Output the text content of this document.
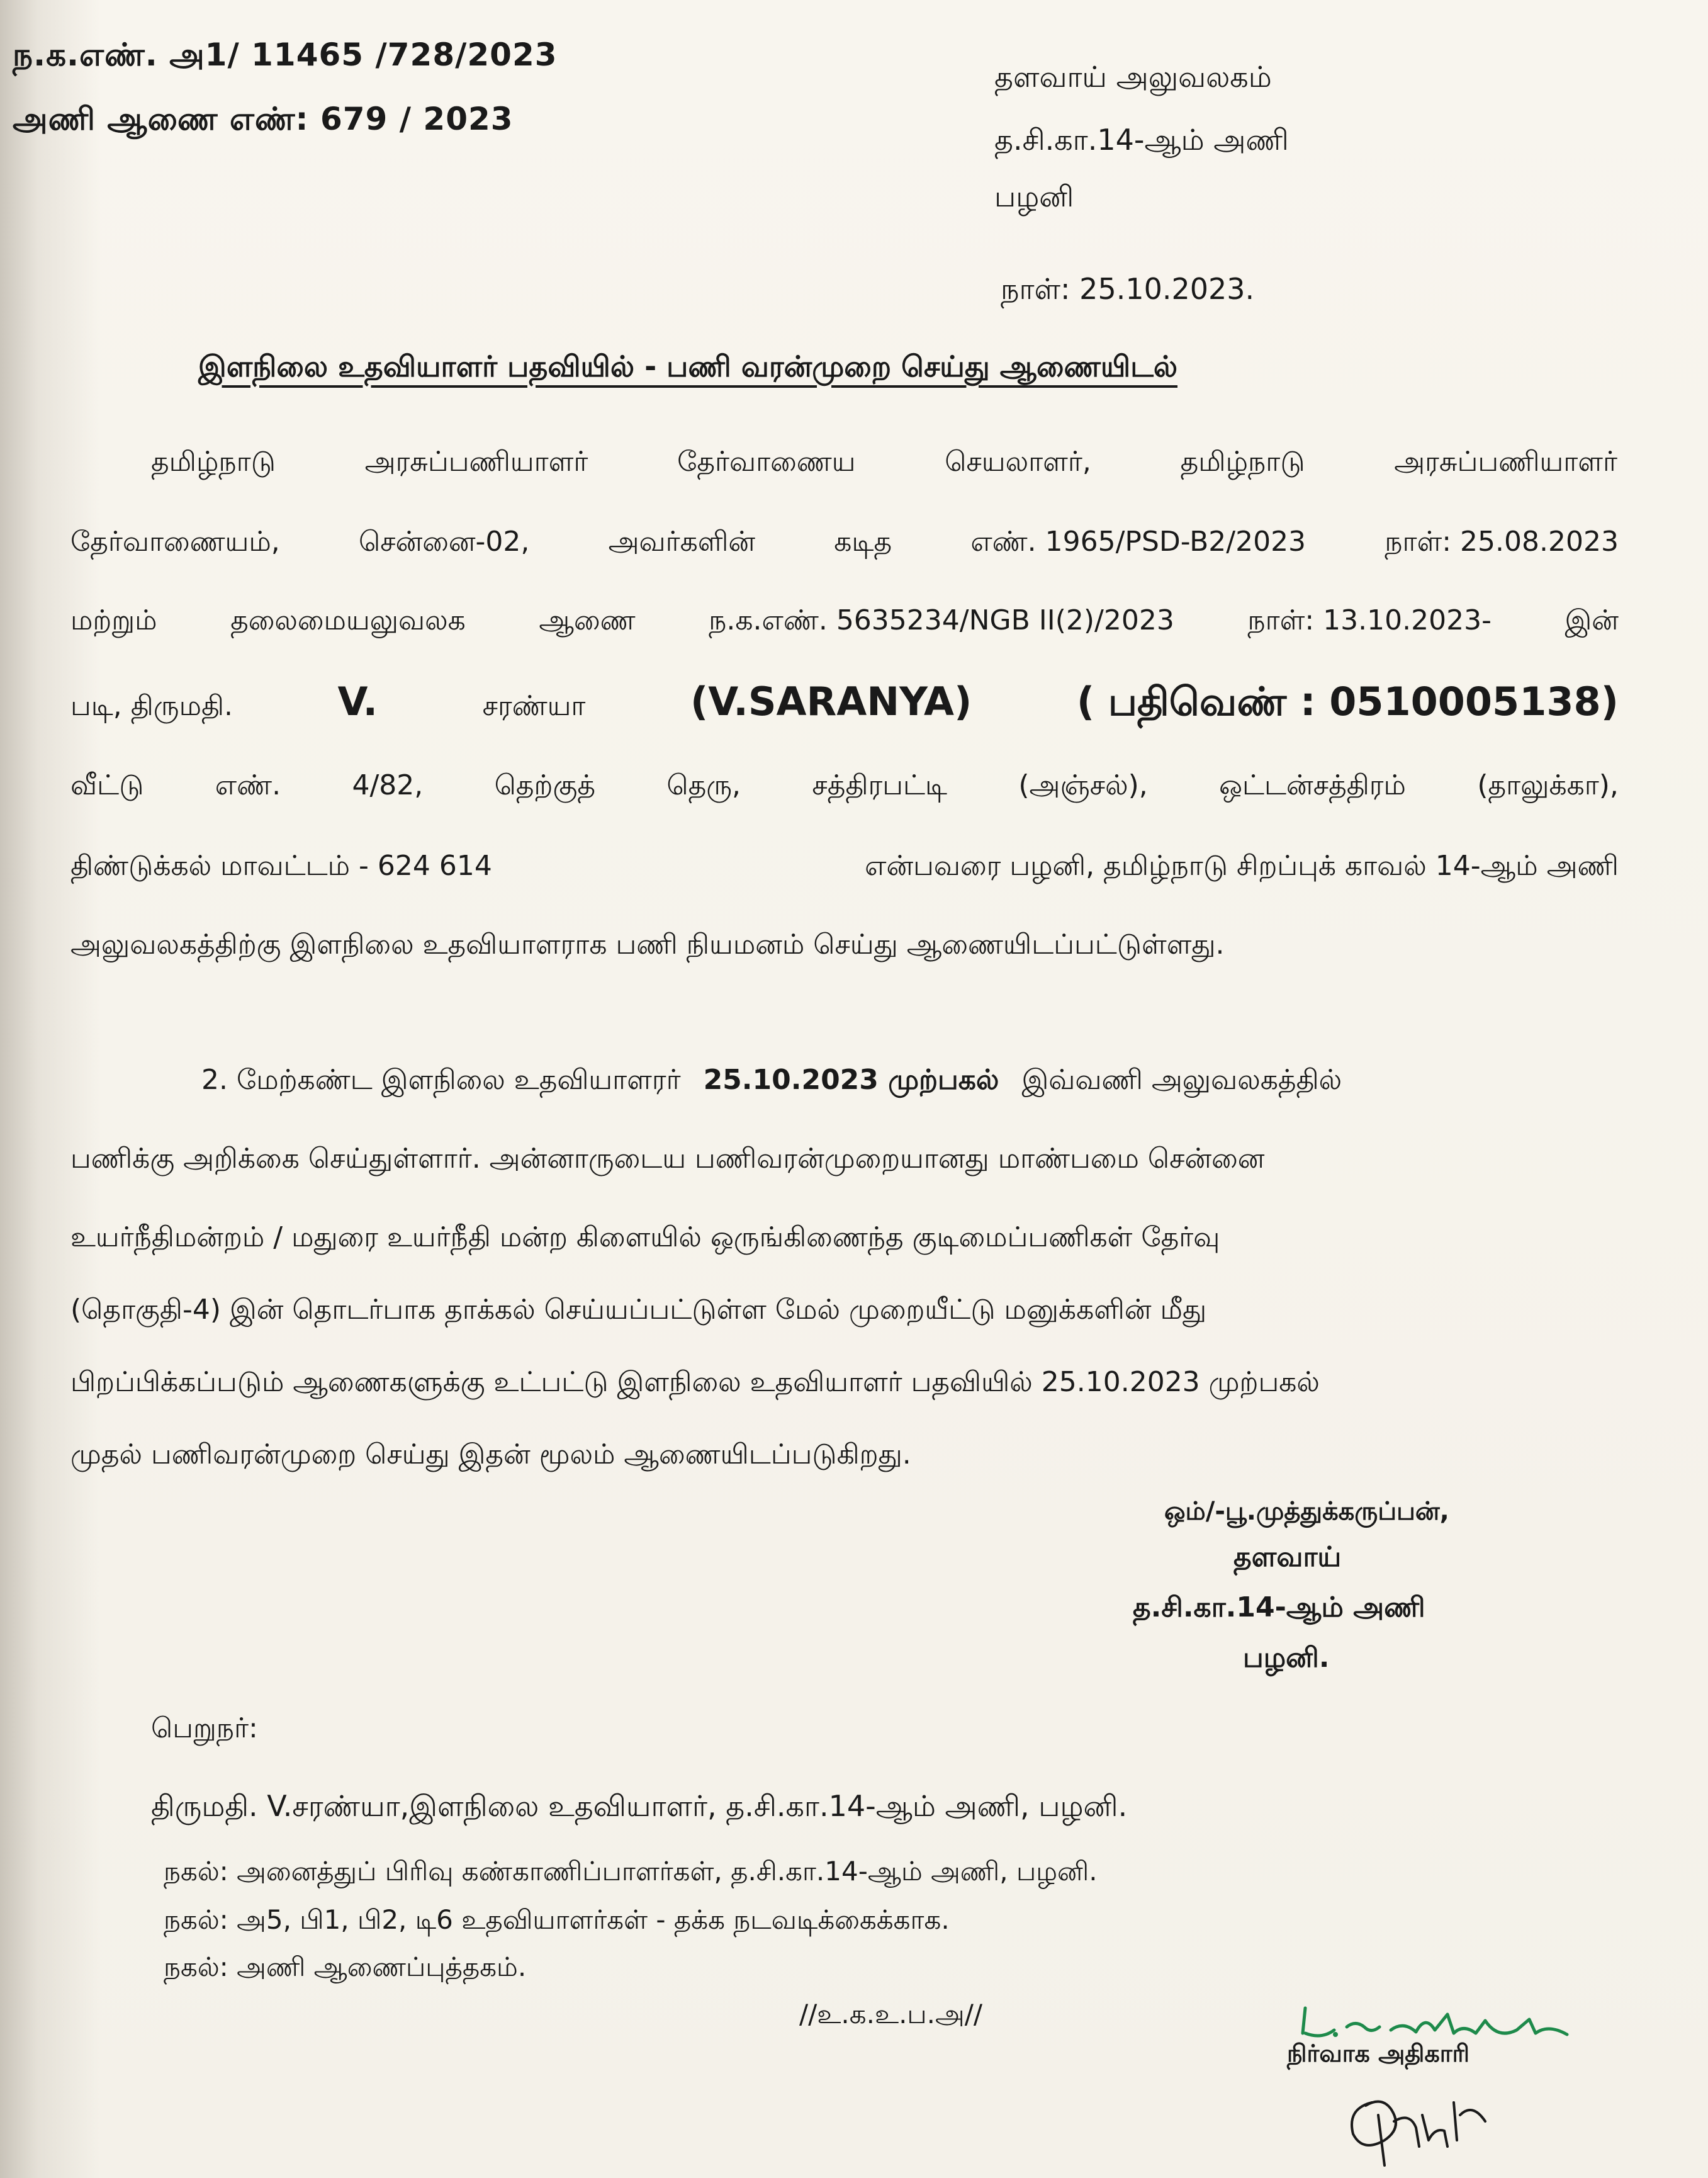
ந.க.எண். அ1/ 11465 /728/2023
அணி ஆணை எண்: 679 / 2023
தளவாய் அலுவலகம்
த.சி.கா.14-ஆம் அணி
பழனி
நாள்: 25.10.2023.
இளநிலை உதவியாளர் பதவியில் - பணி வரன்முறை செய்து ஆணையிடல்
தமிழ்நாடு	அரசுப்பணியாளர்	தேர்வாணைய	செயலாளர்,	தமிழ்நாடு	அரசுப்பணியாளர்
தேர்வாணையம்,	சென்னை-02,	அவர்களின்	கடித	எண். 1965/PSD-B2/2023	நாள்: 25.08.2023
மற்றும்	தலைமையலுவலக	ஆணை	ந.க.எண். 5635234/NGB II(2)/2023	நாள்: 13.10.2023-	இன்
படி, திருமதி.	V.	சரண்யா	(V.SARANYA)	( பதிவெண் : 0510005138)
வீட்டு	எண்.	4/82,	தெற்குத்	தெரு,	சத்திரபட்டி	(அஞ்சல்),	ஒட்டன்சத்திரம்	(தாலுக்கா),
திண்டுக்கல் மாவட்டம் - 624 614	என்பவரை பழனி, தமிழ்நாடு சிறப்புக் காவல் 14-ஆம் அணி
அலுவலகத்திற்கு இளநிலை உதவியாளராக பணி நியமனம் செய்து ஆணையிடப்பட்டுள்ளது.
2. மேற்கண்ட இளநிலை உதவியாளரர் 25.10.2023 முற்பகல் இவ்வணி அலுவலகத்தில்
பணிக்கு அறிக்கை செய்துள்ளார். அன்னாருடைய பணிவரன்முறையானது மாண்பமை சென்னை
உயர்நீதிமன்றம் / மதுரை உயர்நீதி மன்ற கிளையில் ஒருங்கிணைந்த குடிமைப்பணிகள் தேர்வு
(தொகுதி-4) இன் தொடர்பாக தாக்கல் செய்யப்பட்டுள்ள மேல் முறையீட்டு மனுக்களின் மீது
பிறப்பிக்கப்படும் ஆணைகளுக்கு உட்பட்டு இளநிலை உதவியாளர் பதவியில் 25.10.2023 முற்பகல்
முதல் பணிவரன்முறை செய்து இதன் மூலம் ஆணையிடப்படுகிறது.
ஒம்/-பூ.முத்துக்கருப்பன்,
தளவாய்
த.சி.கா.14-ஆம் அணி
பழனி.
பெறுநர்:
திருமதி. V.சரண்யா,இளநிலை உதவியாளர், த.சி.கா.14-ஆம் அணி, பழனி.
நகல்: அனைத்துப் பிரிவு கண்காணிப்பாளர்கள், த.சி.கா.14-ஆம் அணி, பழனி.
நகல்: அ5, பி1, பி2, டி6 உதவியாளர்கள் - தக்க நடவடிக்கைக்காக.
நகல்: அணி ஆணைப்புத்தகம்.
//உ.க.உ.ப.அ//
நிர்வாக அதிகாரி
